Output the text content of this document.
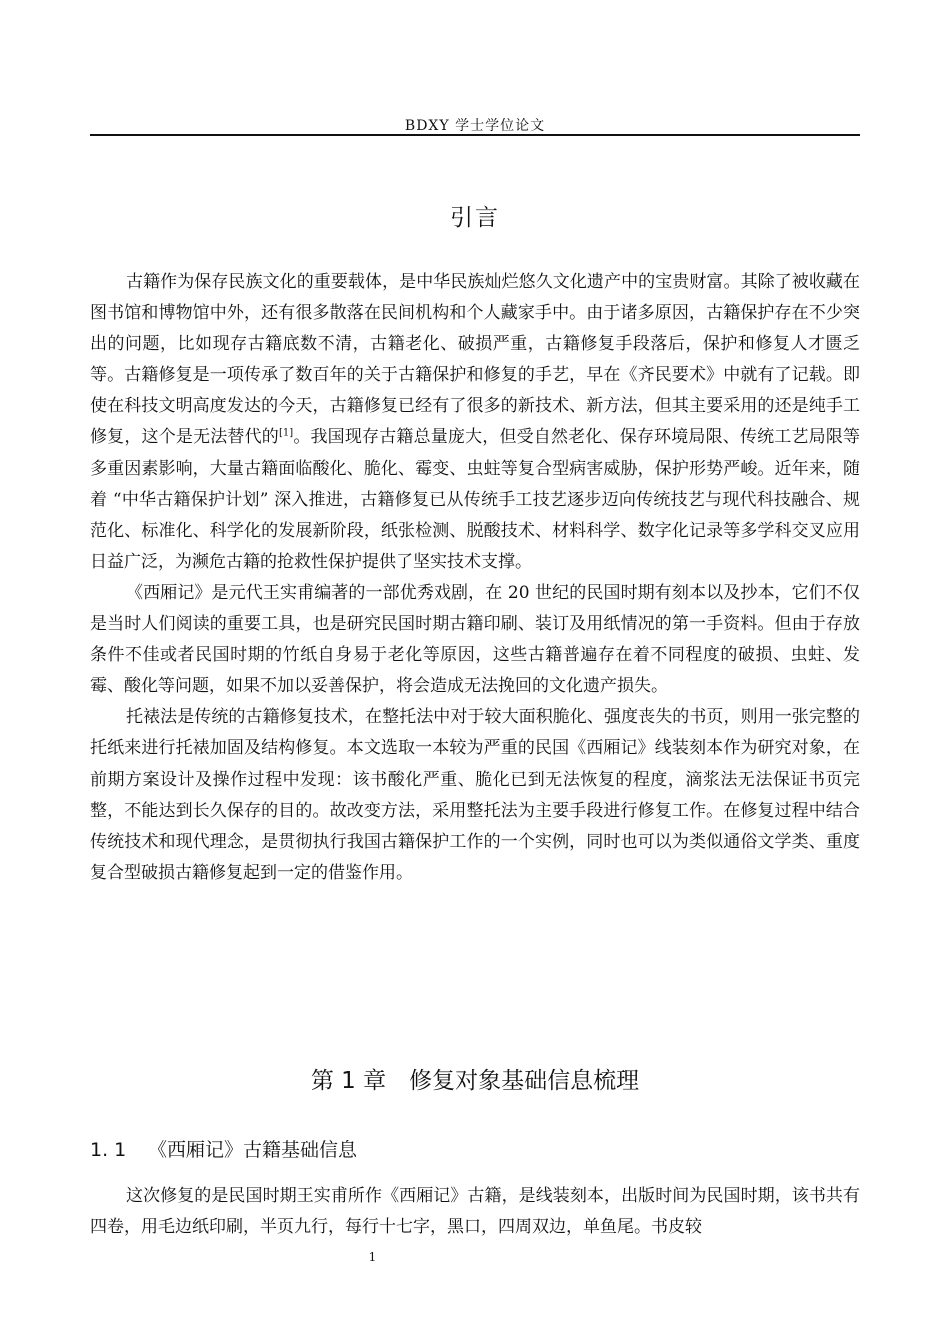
BDXY 学士学位论文
引言

古籍作为保存民族文化的重要载体，是中华民族灿烂悠久文化遗产中的宝贵财富。其除了被收藏在图书馆和博物馆中外，还有很多散落在民间机构和个人藏家手中。由于诸多原因，古籍保护存在不少突出的问题，比如现存古籍底数不清，古籍老化、破损严重，古籍修复手段落后，保护和修复人才匮乏等。古籍修复是一项传承了数百年的关于古籍保护和修复的手艺，早在《齐民要术》中就有了记载。即使在科技文明高度发达的今天，古籍修复已经有了很多的新技术、新方法，但其主要采用的还是纯手工修复，这个是无法替代的[1]。我国现存古籍总量庞大，但受自然老化、保存环境局限、传统工艺局限等多重因素影响，大量古籍面临酸化、脆化、霉变、虫蛀等复合型病害威胁，保护形势严峻。近年来，随着 “中华古籍保护计划” 深入推进，古籍修复已从传统手工技艺逐步迈向传统技艺与现代科技融合、规范化、标准化、科学化的发展新阶段，纸张检测、脱酸技术、材料科学、数字化记录等多学科交叉应用日益广泛，为濒危古籍的抢救性保护提供了坚实技术支撑。

《西厢记》是元代王实甫编著的一部优秀戏剧，在 20 世纪的民国时期有刻本以及抄本，它们不仅是当时人们阅读的重要工具，也是研究民国时期古籍印刷、装订及用纸情况的第一手资料。但由于存放条件不佳或者民国时期的竹纸自身易于老化等原因，这些古籍普遍存在着不同程度的破损、虫蛀、发霉、酸化等问题，如果不加以妥善保护，将会造成无法挽回的文化遗产损失。

托裱法是传统的古籍修复技术，在整托法中对于较大面积脆化、强度丧失的书页，则用一张完整的托纸来进行托裱加固及结构修复。本文选取一本较为严重的民国《西厢记》线装刻本作为研究对象，在前期方案设计及操作过程中发现：该书酸化严重、脆化已到无法恢复的程度，滴浆法无法保证书页完整，不能达到长久保存的目的。故改变方法，采用整托法为主要手段进行修复工作。在修复过程中结合传统技术和现代理念，是贯彻执行我国古籍保护工作的一个实例，同时也可以为类似通俗文学类、重度复合型破损古籍修复起到一定的借鉴作用。

第 1 章　修复对象基础信息梳理
1. 1 《西厢记》古籍基础信息

这次修复的是民国时期王实甫所作《西厢记》古籍，是线装刻本，出版时间为民国时期，该书共有四卷，用毛边纸印刷，半页九行，每行十七字，黑口，四周双边，单鱼尾。书皮较

1
